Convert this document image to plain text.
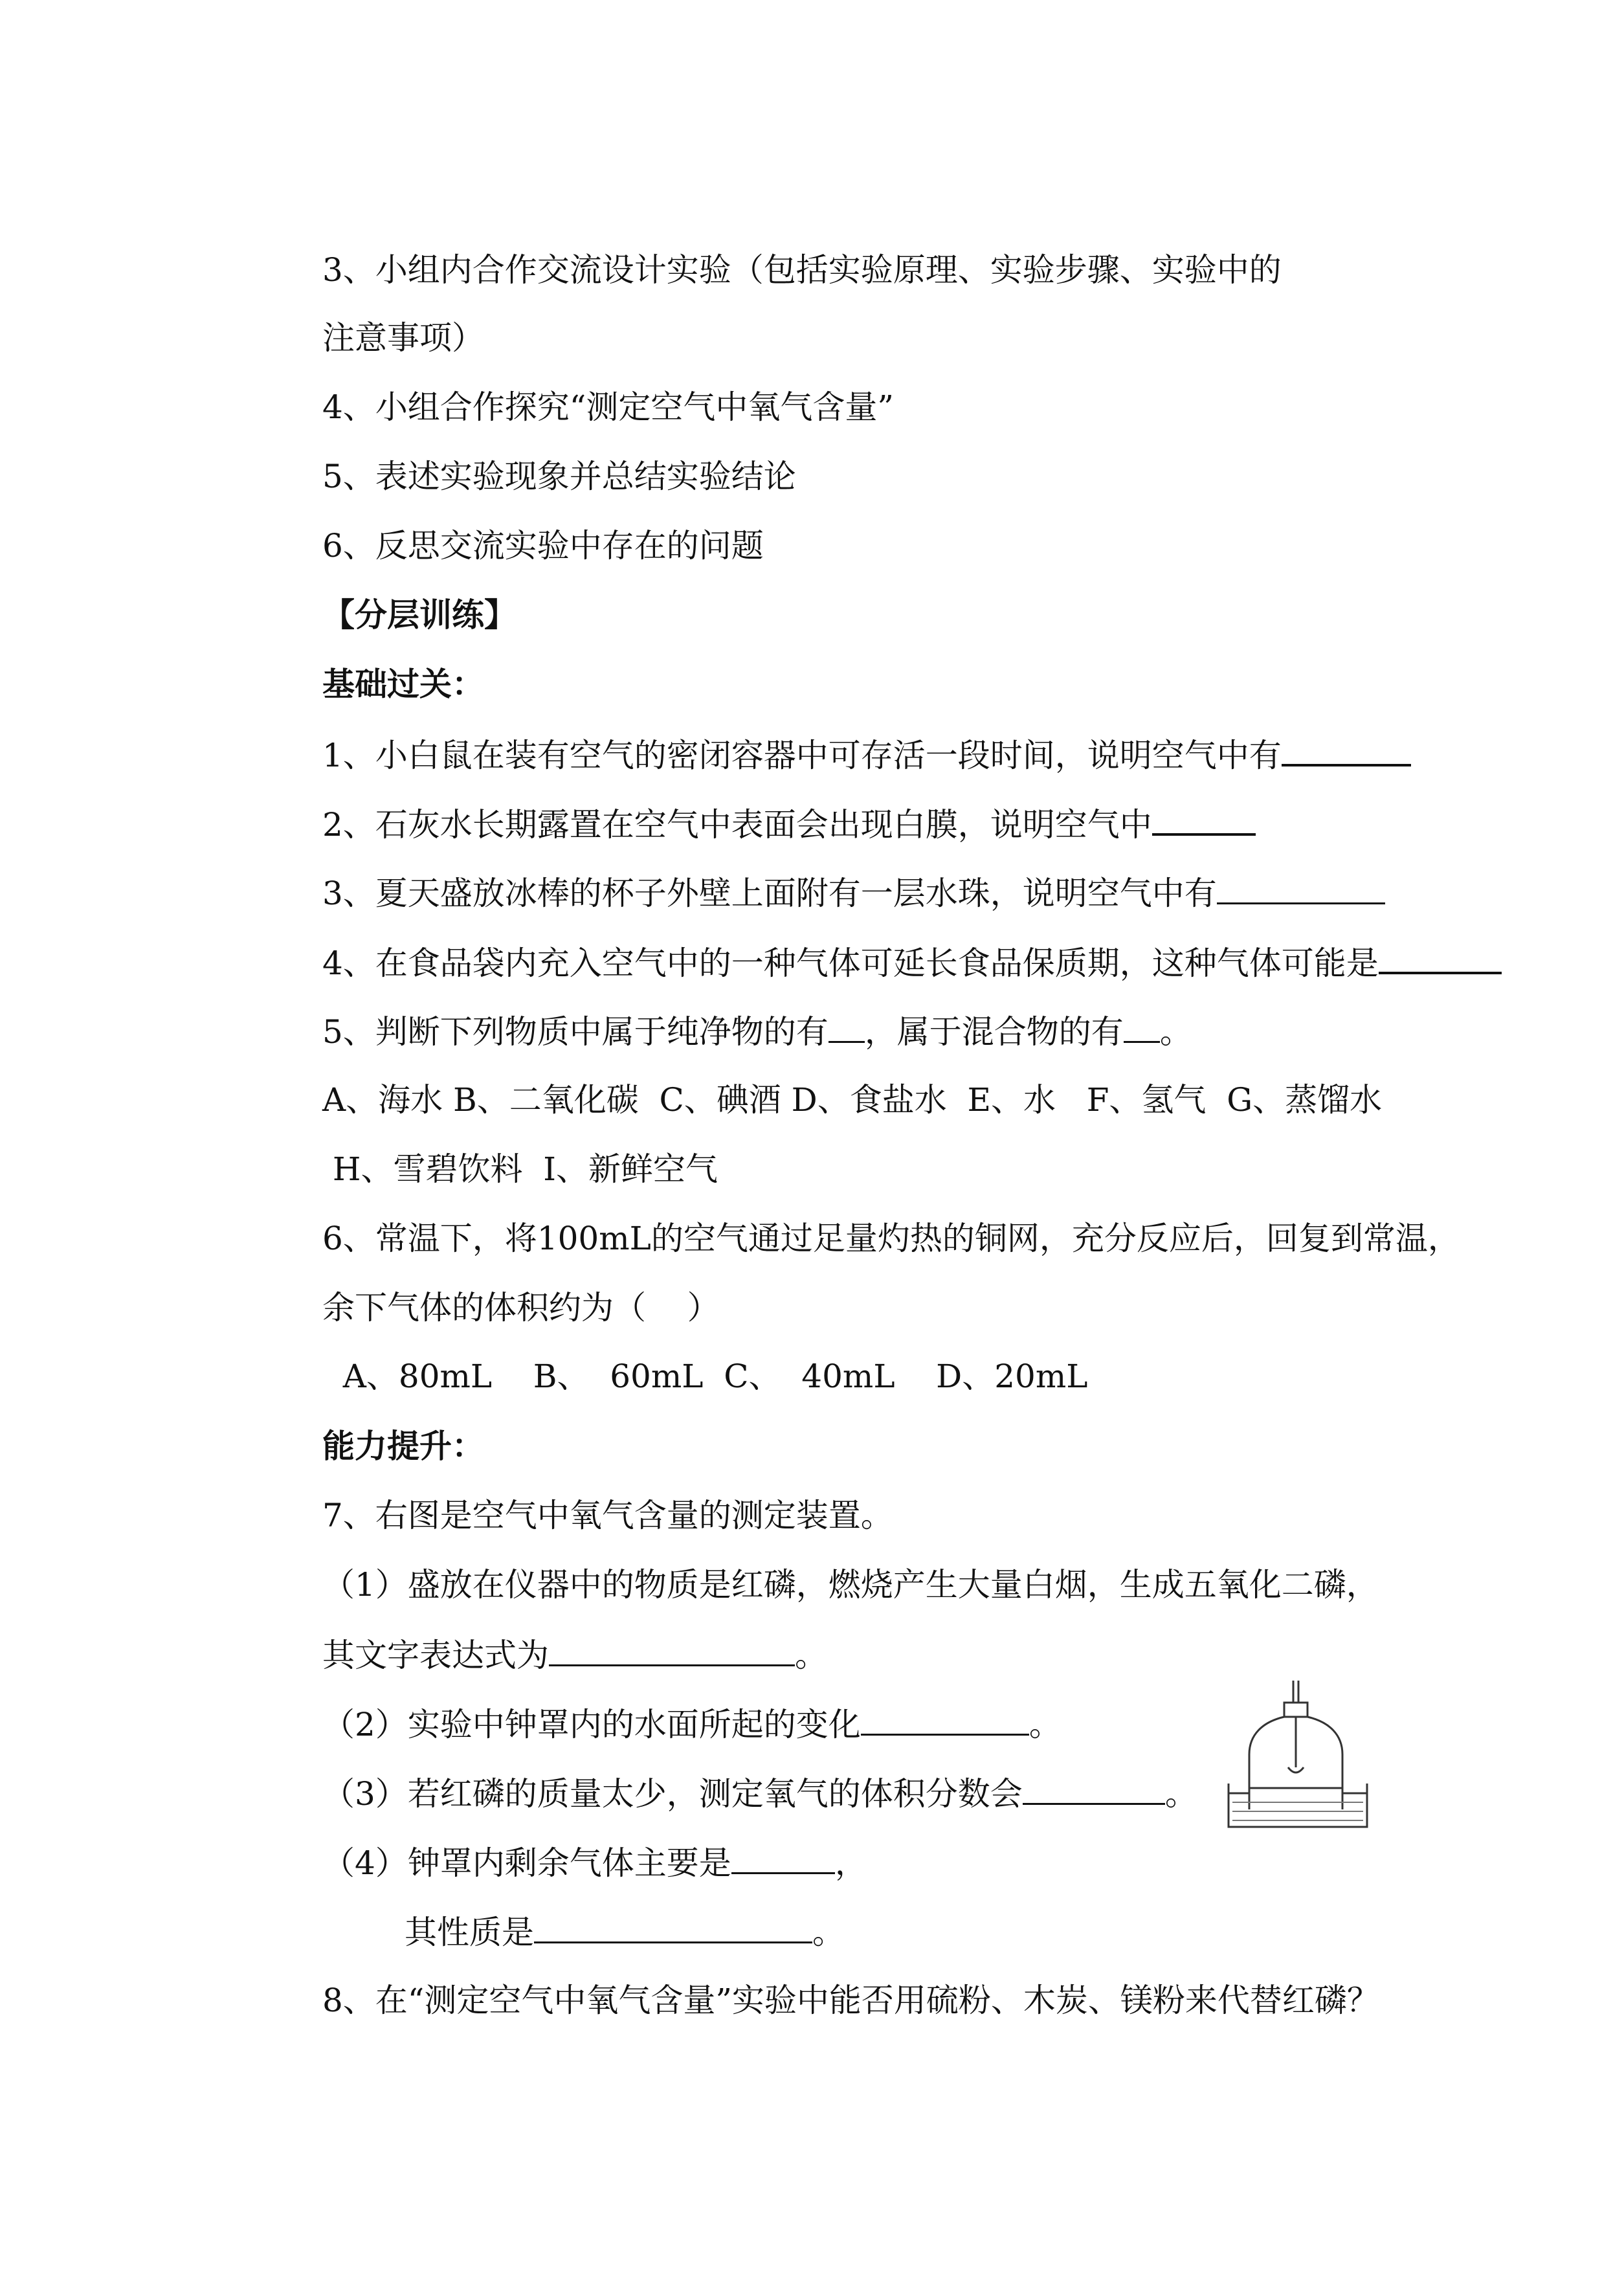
3、小组内合作交流设计实验（包括实验原理、实验步骤、实验中的
注意事项）
4、小组合作探究“测定空气中氧气含量”
5、表述实验现象并总结实验结论
6、反思交流实验中存在的问题
【分层训练】
基础过关：
1、小白鼠在装有空气的密闭容器中可存活一段时间，说明空气中有
2、石灰水长期露置在空气中表面会出现白膜，说明空气中
3、夏天盛放冰棒的杯子外壁上面附有一层水珠，说明空气中有
4、在食品袋内充入空气中的一种气体可延长食品保质期，这种气体可能是
5、判断下列物质中属于纯净物的有 ，属于混合物的有 。
A、海水 B、二氧化碳  C、碘酒 D、食盐水  E、水   F、氢气  G、蒸馏水
H、雪碧饮料  I、新鲜空气
6、常温下，将100mL的空气通过足量灼热的铜网，充分反应后，回复到常温，
余下气体的体积约为（    ）
A、80mL    B、  60mL  C、  40mL    D、20mL
能力提升：
7、右图是空气中氧气含量的测定装置。
（1）盛放在仪器中的物质是红磷，燃烧产生大量白烟，生成五氧化二磷，
其文字表达式为	。
（2）实验中钟罩内的水面所起的变化	。
（3）若红磷的质量太少，测定氧气的体积分数会	。
（4）钟罩内剩余气体主要是	，
其性质是	。
8、在“测定空气中氧气含量”实验中能否用硫粉、木炭、镁粉来代替红磷？
